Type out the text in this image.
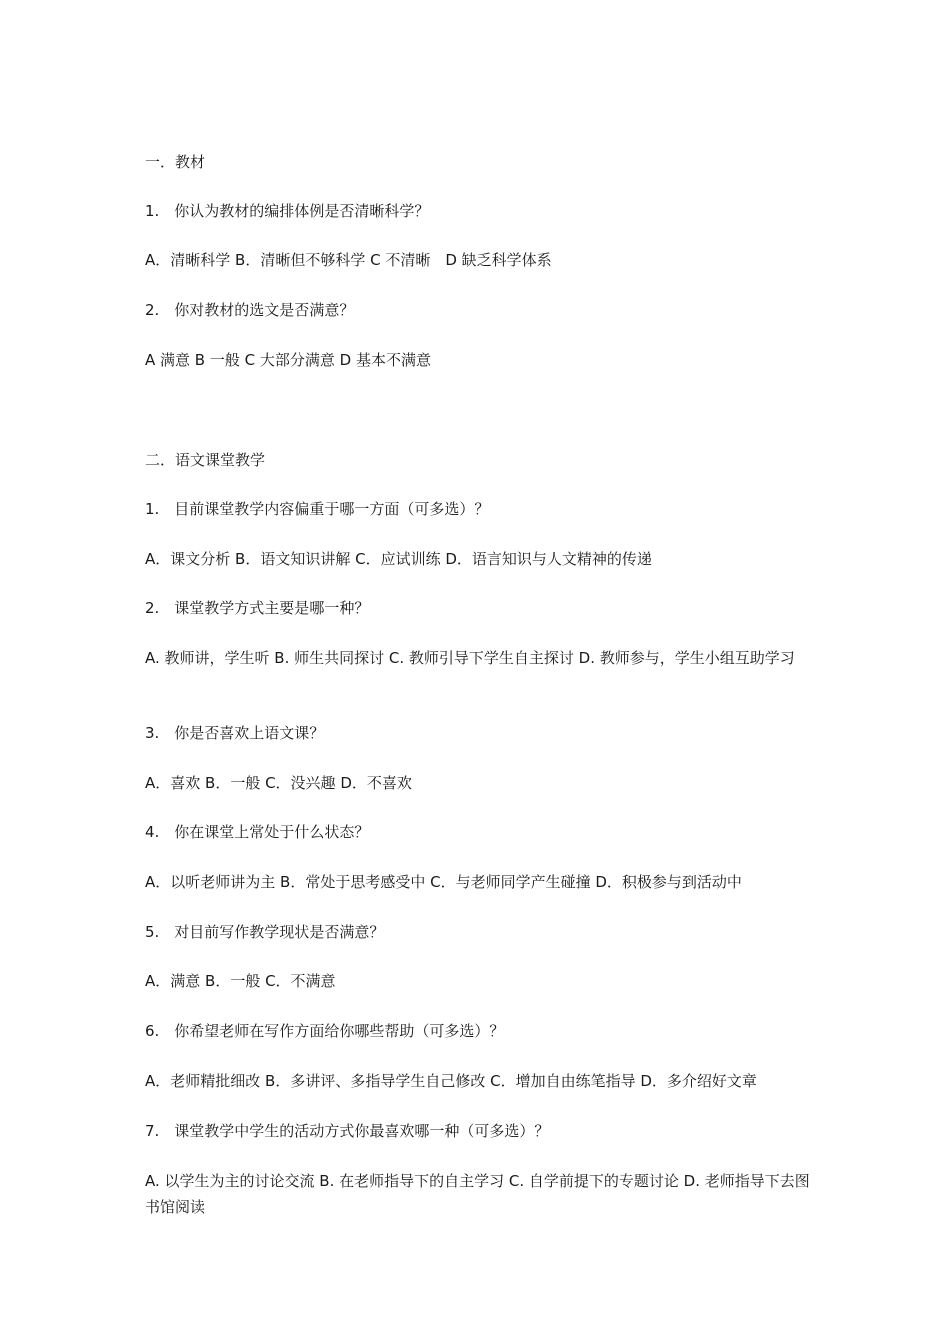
一．教材
1.　你认为教材的编排体例是否清晰科学？
A．清晰科学 B．清晰但不够科学 C 不清晰　D 缺乏科学体系
2.　你对教材的选文是否满意？
A 满意 B 一般 C 大部分满意 D 基本不满意
二．语文课堂教学
1.　目前课堂教学内容偏重于哪一方面（可多选）？
A．课文分析 B．语文知识讲解 C．应试训练 D．语言知识与人文精神的传递
2.　课堂教学方式主要是哪一种？
A. 教师讲，学生听 B. 师生共同探讨 C. 教师引导下学生自主探讨 D. 教师参与，学生小组互助学习
3.　你是否喜欢上语文课？
A．喜欢 B．一般 C．没兴趣 D．不喜欢
4.　你在课堂上常处于什么状态？
A．以听老师讲为主 B．常处于思考感受中 C．与老师同学产生碰撞 D．积极参与到活动中
5.　对目前写作教学现状是否满意？
A．满意 B．一般 C．不满意
6.　你希望老师在写作方面给你哪些帮助（可多选）？
A．老师精批细改 B．多讲评、多指导学生自己修改 C．增加自由练笔指导 D．多介绍好文章
7.　课堂教学中学生的活动方式你最喜欢哪一种（可多选）？
A. 以学生为主的讨论交流 B. 在老师指导下的自主学习 C. 自学前提下的专题讨论 D. 老师指导下去图书馆阅读
